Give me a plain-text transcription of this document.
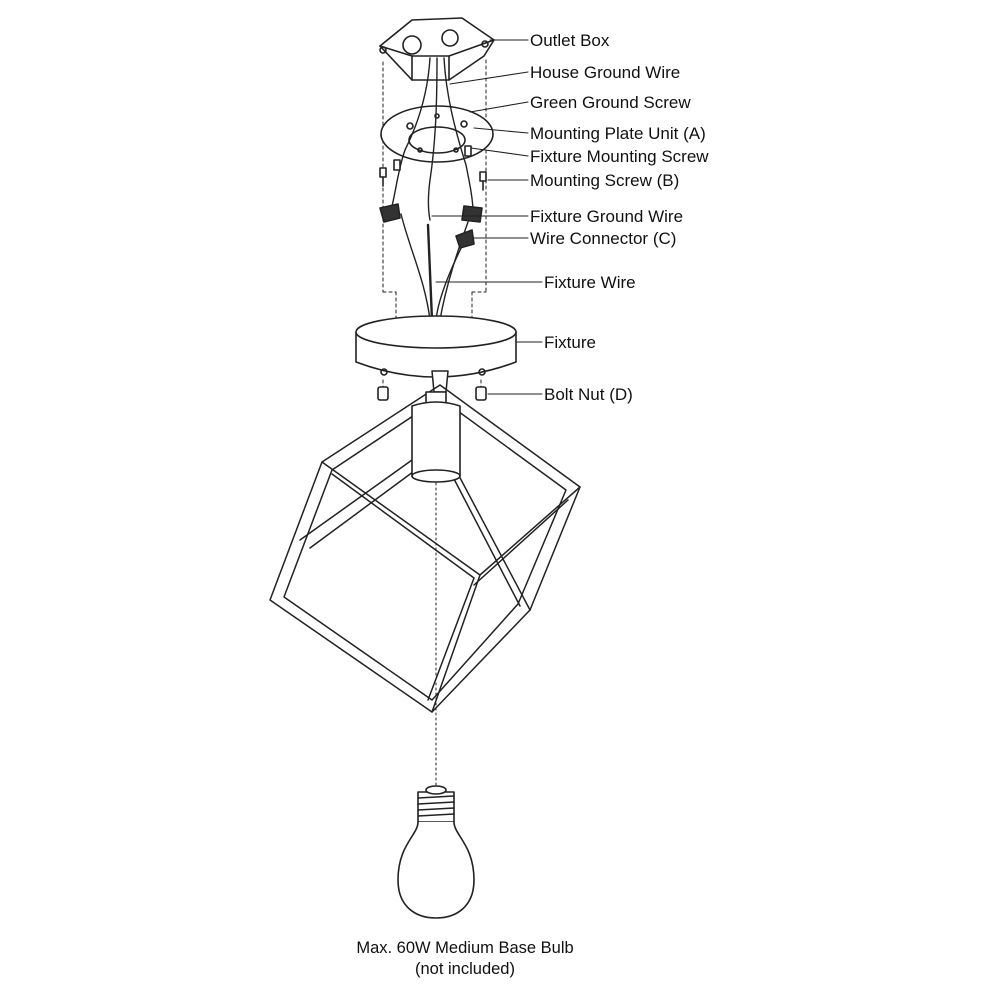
Outlet Box
House Ground Wire
Green Ground Screw
Mounting Plate Unit (A)
Fixture Mounting Screw
Mounting Screw (B)
Fixture Ground Wire
Wire Connector (C)
Fixture Wire
Fixture
Bolt Nut (D)
Max. 60W Medium Base Bulb
(not included)
